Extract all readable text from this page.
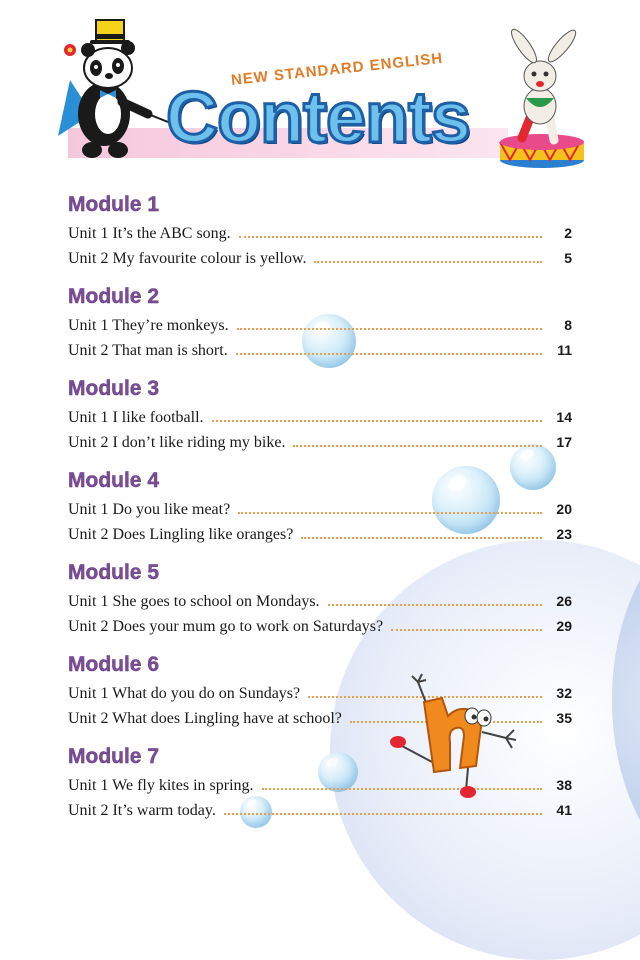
NEW STANDARD ENGLISH
Contents
Module 1
Unit 1 It’s the ABC song.	2
Unit 2 My favourite colour is yellow.	5
Module 2
Unit 1 They’re monkeys.	8
Unit 2 That man is short.	11
Module 3
Unit 1 I like football.	14
Unit 2 I don’t like riding my bike.	17
Module 4
Unit 1 Do you like meat?	20
Unit 2 Does Lingling like oranges?	23
Module 5
Unit 1 She goes to school on Mondays.	26
Unit 2 Does your mum go to work on Saturdays?	29
Module 6
Unit 1 What do you do on Sundays?	32
Unit 2 What does Lingling have at school?	35
Module 7
Unit 1 We fly kites in spring.	38
Unit 2 It’s warm today.	41
